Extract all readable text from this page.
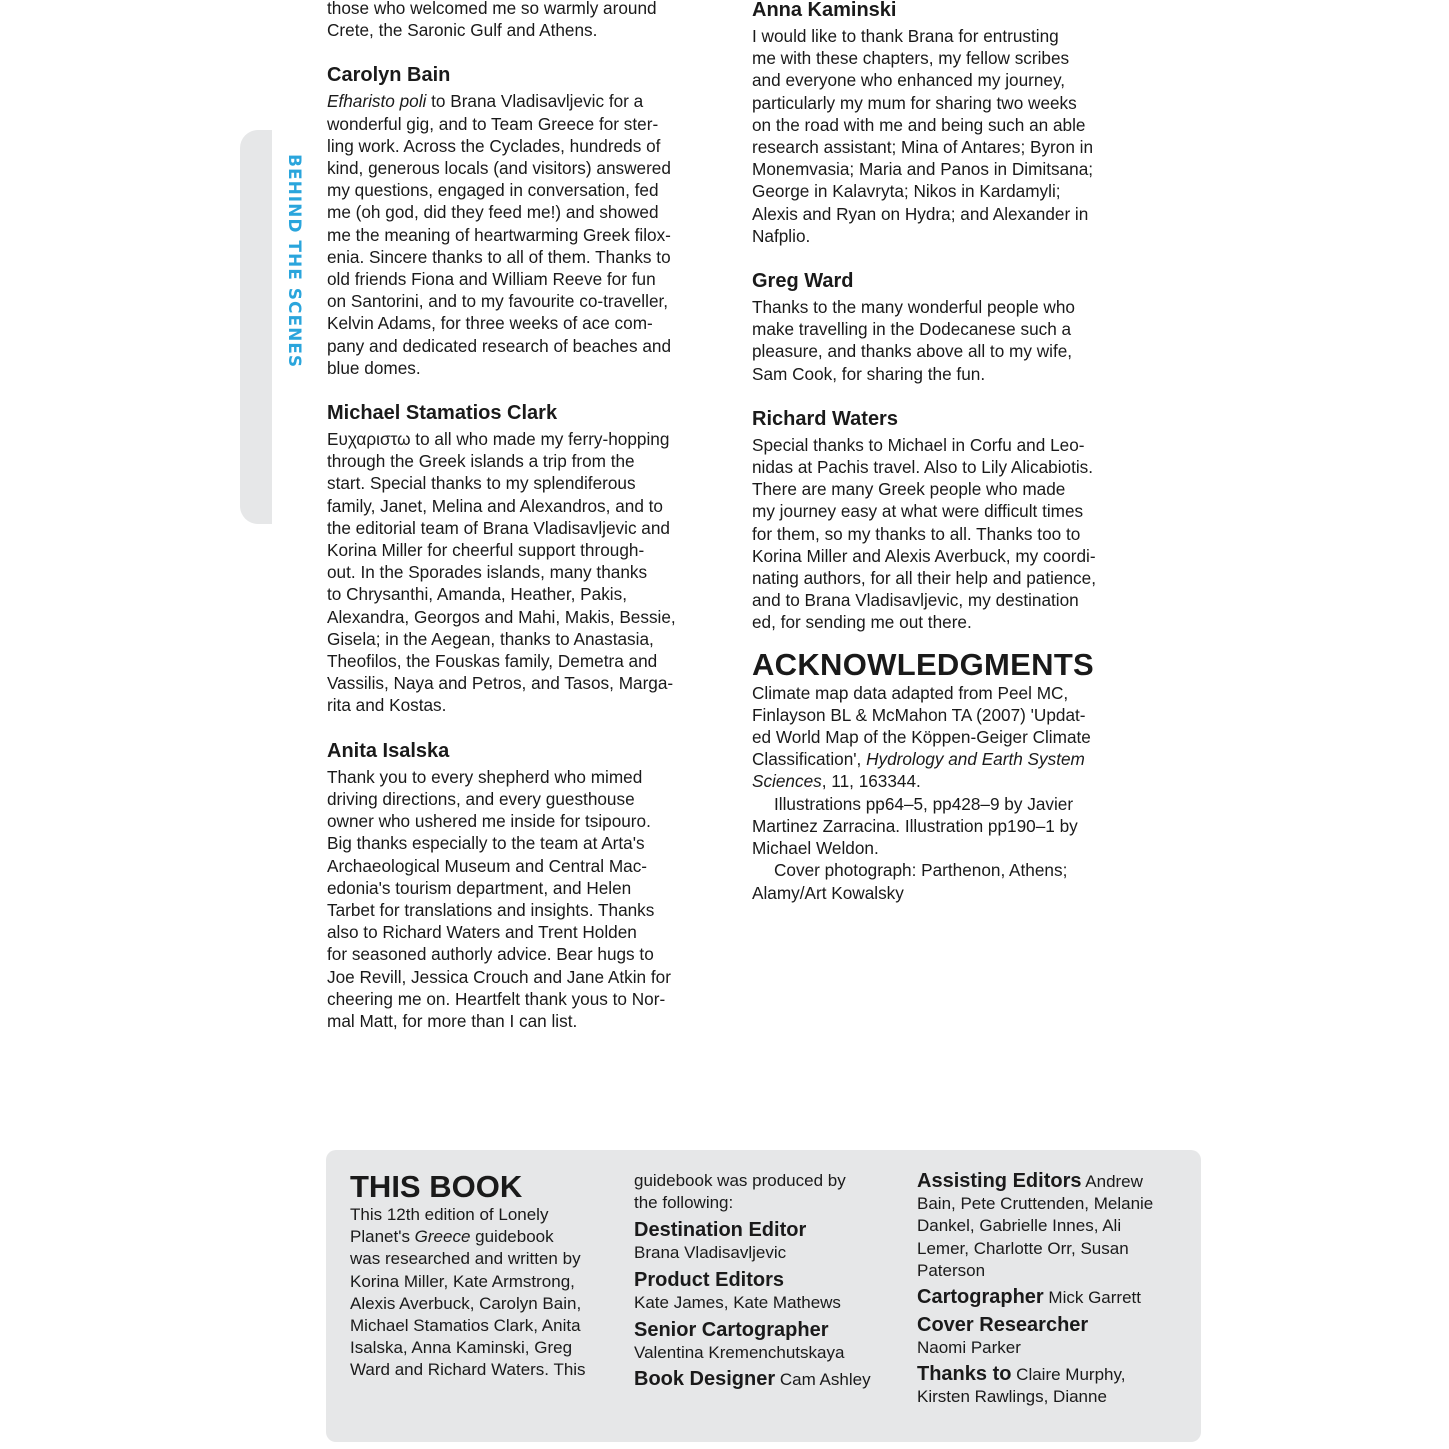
BEHIND THE SCENES

those who welcomed me so warmly around
Crete, the Saronic Gulf and Athens.

Carolyn Bain

Efharisto poli to Brana Vladisavljevic for a
wonderful gig, and to Team Greece for ster-
ling work. Across the Cyclades, hundreds of
kind, generous locals (and visitors) answered
my questions, engaged in conversation, fed
me (oh god, did they feed me!) and showed
me the meaning of heartwarming Greek filox-
enia. Sincere thanks to all of them. Thanks to
old friends Fiona and William Reeve for fun
on Santorini, and to my favourite co-traveller,
Kelvin Adams, for three weeks of ace com-
pany and dedicated research of beaches and
blue domes.

Michael Stamatios Clark

Ευχαριστω to all who made my ferry-hopping
through the Greek islands a trip from the
start. Special thanks to my splendiferous
family, Janet, Melina and Alexandros, and to
the editorial team of Brana Vladisavljevic and
Korina Miller for cheerful support through-
out. In the Sporades islands, many thanks
to Chrysanthi, Amanda, Heather, Pakis,
Alexandra, Georgos and Mahi, Makis, Bessie,
Gisela; in the Aegean, thanks to Anastasia,
Theofilos, the Fouskas family, Demetra and
Vassilis, Naya and Petros, and Tasos, Marga-
rita and Kostas.

Anita Isalska

Thank you to every shepherd who mimed
driving directions, and every guesthouse
owner who ushered me inside for tsipouro.
Big thanks especially to the team at Arta's
Archaeological Museum and Central Mac-
edonia's tourism department, and Helen
Tarbet for translations and insights. Thanks
also to Richard Waters and Trent Holden
for seasoned authorly advice. Bear hugs to
Joe Revill, Jessica Crouch and Jane Atkin for
cheering me on. Heartfelt thank yous to Nor-
mal Matt, for more than I can list.

Anna Kaminski

I would like to thank Brana for entrusting
me with these chapters, my fellow scribes
and everyone who enhanced my journey,
particularly my mum for sharing two weeks
on the road with me and being such an able
research assistant; Mina of Antares; Byron in
Monemvasia; Maria and Panos in Dimitsana;
George in Kalavryta; Nikos in Kardamyli;
Alexis and Ryan on Hydra; and Alexander in
Nafplio.

Greg Ward

Thanks to the many wonderful people who
make travelling in the Dodecanese such a
pleasure, and thanks above all to my wife,
Sam Cook, for sharing the fun.

Richard Waters

Special thanks to Michael in Corfu and Leo-
nidas at Pachis travel. Also to Lily Alicabiotis.
There are many Greek people who made
my journey easy at what were difficult times
for them, so my thanks to all. Thanks too to
Korina Miller and Alexis Averbuck, my coordi-
nating authors, for all their help and patience,
and to Brana Vladisavljevic, my destination
ed, for sending me out there.

ACKNOWLEDGMENTS

Climate map data adapted from Peel MC,
Finlayson BL & McMahon TA (2007) 'Updat-
ed World Map of the Köppen-Geiger Climate
Classification', Hydrology and Earth System
Sciences, 11, 163344.

Illustrations pp64–5, pp428–9 by Javier
Martinez Zarracina. Illustration pp190–1 by
Michael Weldon.

Cover photograph: Parthenon, Athens;
Alamy/Art Kowalsky

THIS BOOK

This 12th edition of Lonely
Planet's Greece guidebook
was researched and written by
Korina Miller, Kate Armstrong,
Alexis Averbuck, Carolyn Bain,
Michael Stamatios Clark, Anita
Isalska, Anna Kaminski, Greg
Ward and Richard Waters. This

guidebook was produced by
the following:

Destination Editor
Brana Vladisavljevic
Product Editors
Kate James, Kate Mathews
Senior Cartographer
Valentina Kremenchutskaya
Book Designer Cam Ashley

Assisting Editors Andrew
Bain, Pete Cruttenden, Melanie
Dankel, Gabrielle Innes, Ali
Lemer, Charlotte Orr, Susan
Paterson

Cartographer Mick Garrett
Cover Researcher
Naomi Parker

Thanks to Claire Murphy,
Kirsten Rawlings, Dianne
